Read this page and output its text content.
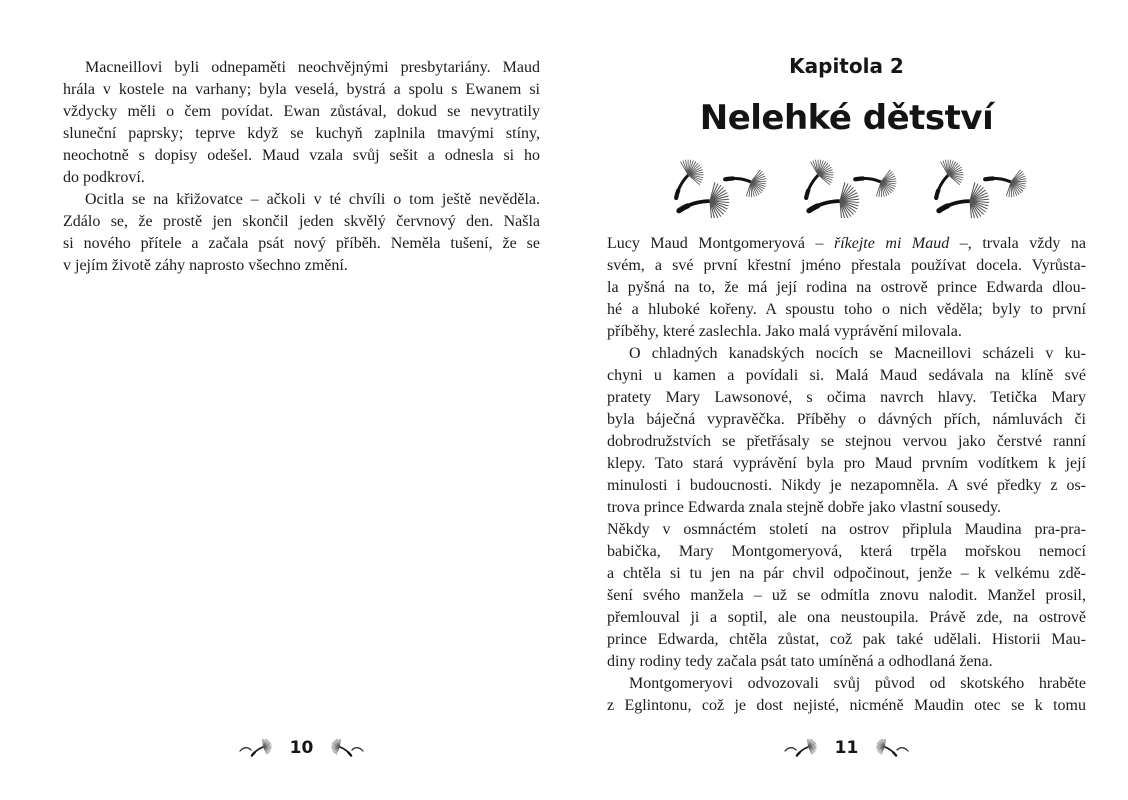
Macneillovi byli odnepaměti neochvějnými presbytariány. Maud
hrála v kostele na varhany; byla veselá, bystrá a spolu s Ewanem si
vždycky měli o čem povídat. Ewan zůstával, dokud se nevytratily
sluneční paprsky; teprve když se kuchyň zaplnila tmavými stíny,
neochotně s dopisy odešel. Maud vzala svůj sešit a odnesla si ho
do podkroví.
Ocitla se na křižovatce – ačkoli v té chvíli o tom ještě nevěděla.
Zdálo se, že prostě jen skončil jeden skvělý červnový den. Našla
si nového přítele a začala psát nový příběh. Neměla tušení, že se
v jejím životě záhy naprosto všechno změní.
10
Kapitola 2
Nelehké dětství
Lucy Maud Montgomeryová – říkejte mi Maud –, trvala vždy na
svém, a své první křestní jméno přestala používat docela. Vyrůsta-
la pyšná na to, že má její rodina na ostrově prince Edwarda dlou-
hé a hluboké kořeny. A spoustu toho o nich věděla; byly to první
příběhy, které zaslechla. Jako malá vyprávění milovala.
O chladných kanadských nocích se Macneillovi scházeli v ku-
chyni u kamen a povídali si. Malá Maud sedávala na klíně své
pratety Mary Lawsonové, s očima navrch hlavy. Tetička Mary
byla báječná vypravěčka. Příběhy o dávných přích, námluvách či
dobrodružstvích se přetřásaly se stejnou vervou jako čerstvé ranní
klepy. Tato stará vyprávění byla pro Maud prvním vodítkem k její
minulosti i budoucnosti. Nikdy je nezapomněla. A své předky z os-
trova prince Edwarda znala stejně dobře jako vlastní sousedy.
Někdy v osmnáctém století na ostrov připlula Maudina pra-pra-
babička, Mary Montgomeryová, která trpěla mořskou nemocí
a chtěla si tu jen na pár chvil odpočinout, jenže – k velkému zdě-
šení svého manžela – už se odmítla znovu nalodit. Manžel prosil,
přemlouval ji a soptil, ale ona neustoupila. Právě zde, na ostrově
prince Edwarda, chtěla zůstat, což pak také udělali. Historii Mau-
diny rodiny tedy začala psát tato umíněná a odhodlaná žena.
Montgomeryovi odvozovali svůj původ od skotského hraběte
z Eglintonu, což je dost nejisté, nicméně Maudin otec se k tomu
11
